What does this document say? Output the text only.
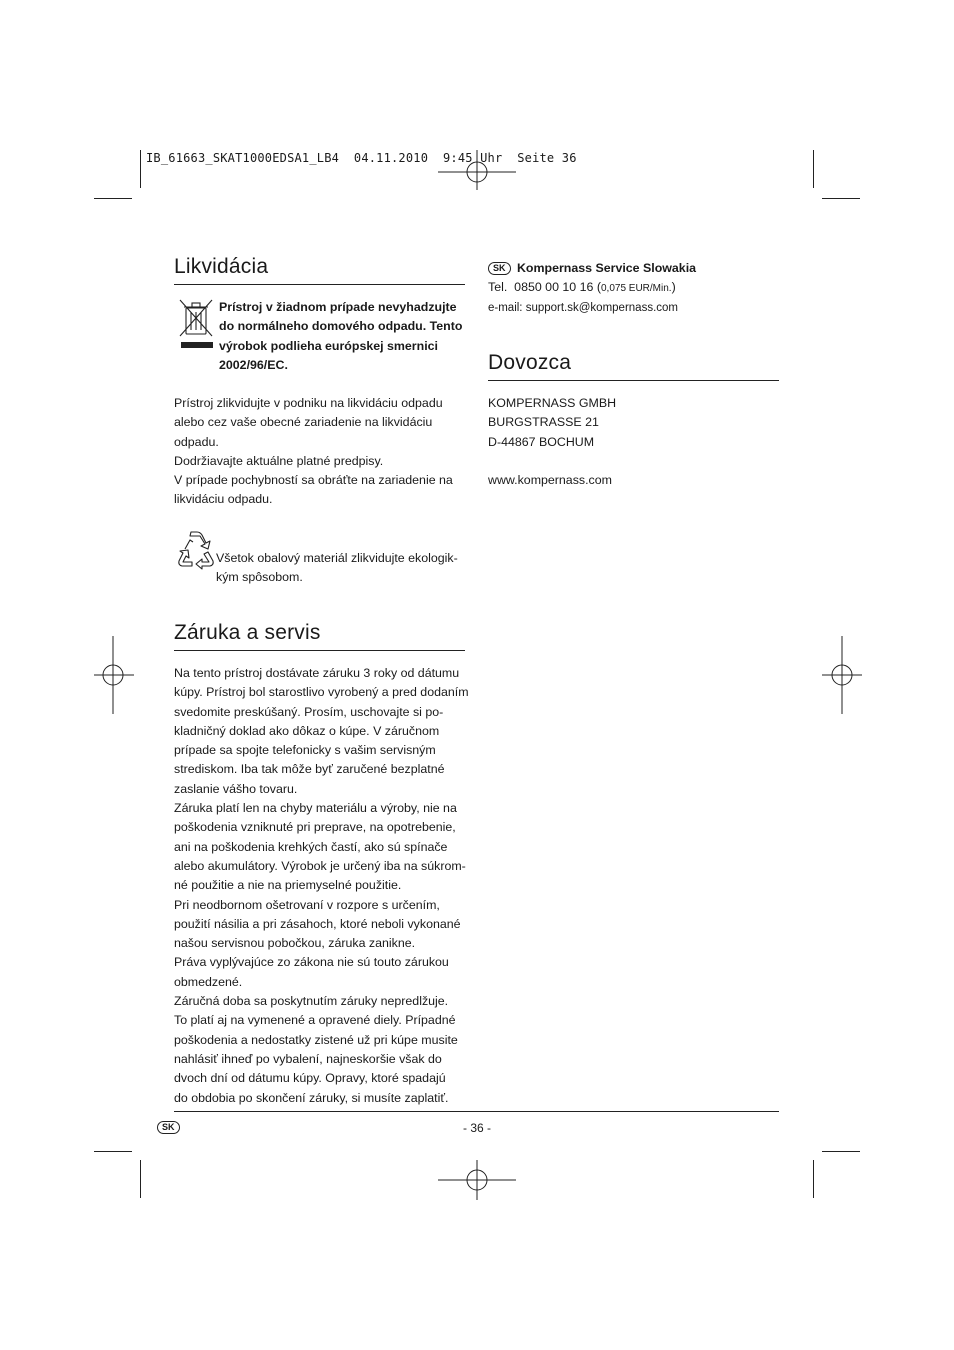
IB_61663_SKAT1000EDSA1_LB4  04.11.2010  9:45 Uhr  Seite 36
Likvidácia
Prístroj v žiadnom prípade nevyhadzujte
do normálneho domového odpadu. Tento
výrobok podlieha európskej smernici
2002/96/EC.
Prístroj zlikvidujte v podniku na likvidáciu odpadu
alebo cez vaše obecné zariadenie na likvidáciu
odpadu.
Dodržiavajte aktuálne platné predpisy.
V prípade pochybností sa obráťte na zariadenie na
likvidáciu odpadu.
Všetok obalový materiál zlikvidujte ekologik-
kým spôsobom.
Záruka a servis
Na tento prístroj dostávate záruku 3 roky od dátumu
kúpy. Prístroj bol starostlivo vyrobený a pred dodaním
svedomite preskúšaný. Prosím, uschovajte si po-
kladničný doklad ako dôkaz o kúpe. V záručnom
prípade sa spojte telefonicky s vašim servisným
strediskom. Iba tak môže byť zaručené bezplatné
zaslanie vášho tovaru.
Záruka platí len na chyby materiálu a výroby, nie na
poškodenia vzniknuté pri preprave, na opotrebenie,
ani na poškodenia krehkých častí, ako sú spínače
alebo akumulátory. Výrobok je určený iba na súkrom-
né použitie a nie na priemyselné použitie.
Pri neodbornom ošetrovaní v rozpore s určením,
použití násilia a pri zásahoch, ktoré neboli vykonané
našou servisnou pobočkou, záruka zanikne.
Práva vyplývajúce zo zákona nie sú touto zárukou
obmedzené.
Záručná doba sa poskytnutím záruky nepredlžuje.
To platí aj na vymenené a opravené diely. Prípadné
poškodenia a nedostatky zistené už pri kúpe musite
nahlásiť ihneď po vybalení, najneskoršie však do
dvoch dní od dátumu kúpy. Opravy, ktoré spadajú
do obdobia po skončení záruky, si musíte zaplatiť.
SK Kompernass Service Slowakia
Tel. 0850 00 10 16 (0,075 EUR/Min.)
e-mail: support.sk@kompernass.com
Dovozca
KOMPERNASS GMBH
BURGSTRASSE 21
D-44867 BOCHUM
www.kompernass.com
SK	- 36 -
